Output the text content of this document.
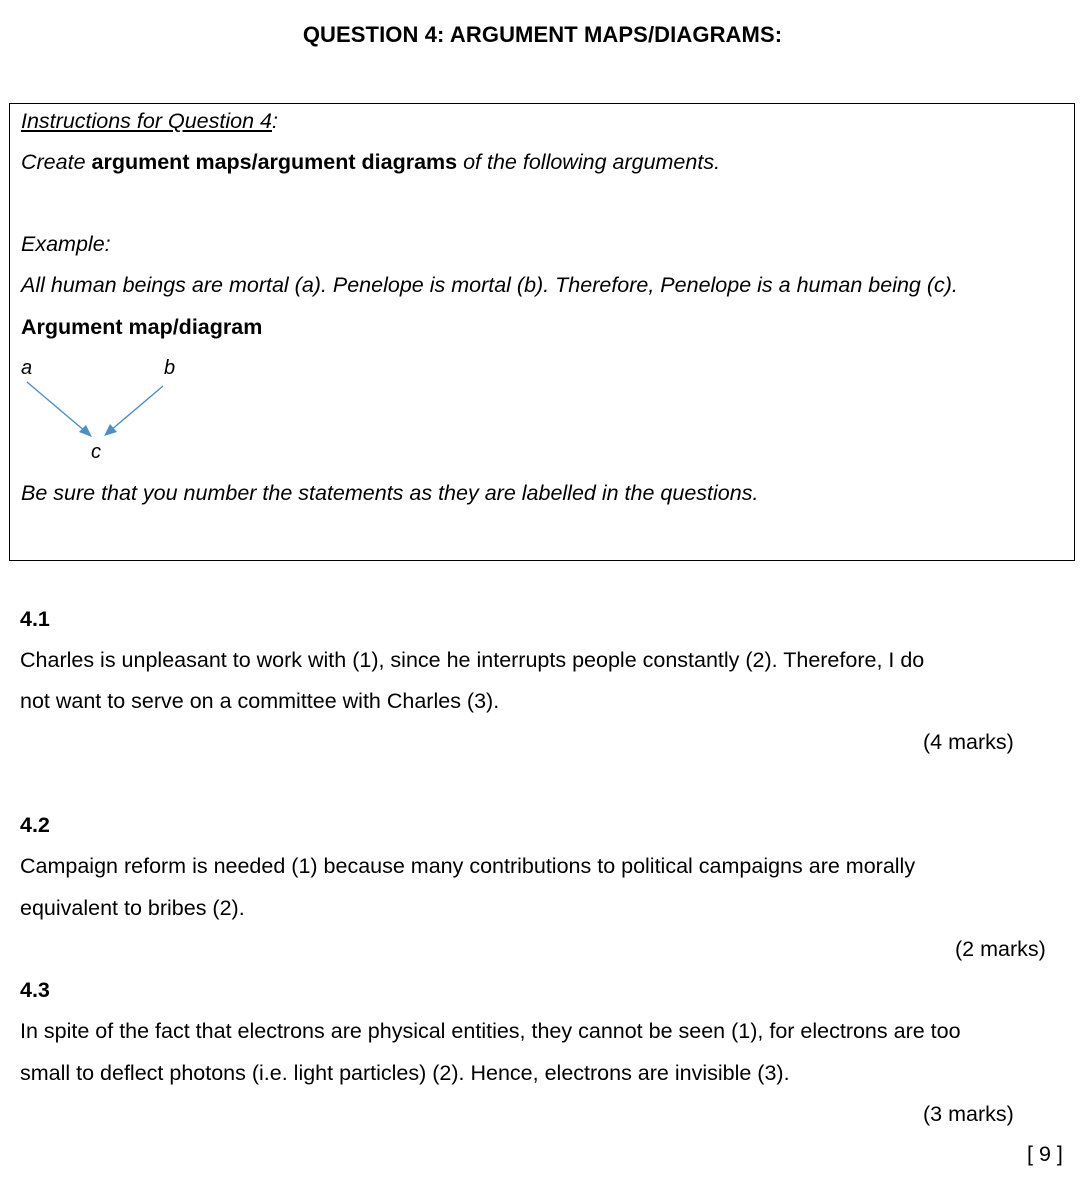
QUESTION 4: ARGUMENT MAPS/DIAGRAMS:
Instructions for Question 4:
Create argument maps/argument diagrams of the following arguments.
Example:
All human beings are mortal (a). Penelope is mortal (b). Therefore, Penelope is a human being (c).
Argument map/diagram
a	b
c
Be sure that you number the statements as they are labelled in the questions.
4.1
Charles is unpleasant to work with (1), since he interrupts people constantly (2). Therefore, I do
not want to serve on a committee with Charles (3).
(4 marks)
4.2
Campaign reform is needed (1) because many contributions to political campaigns are morally
equivalent to bribes (2).
(2 marks)
4.3
In spite of the fact that electrons are physical entities, they cannot be seen (1), for electrons are too
small to deflect photons (i.e. light particles) (2). Hence, electrons are invisible (3).
(3 marks)
[ 9 ]
